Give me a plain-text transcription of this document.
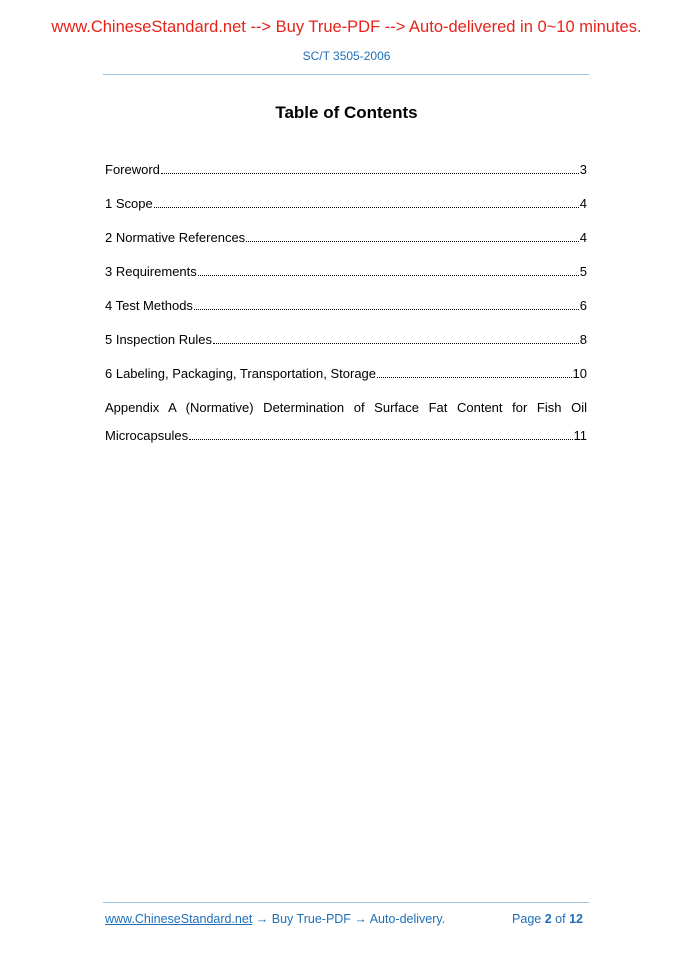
www.ChineseStandard.net --> Buy True-PDF --> Auto-delivered in 0~10 minutes.
SC/T 3505-2006
Table of Contents
Foreword	3
1 Scope	4
2 Normative References	4
3 Requirements	5
4 Test Methods	6
5 Inspection Rules	8
6 Labeling, Packaging, Transportation, Storage	10
Appendix A (Normative) Determination of Surface Fat Content for Fish Oil
Microcapsules	11
www.ChineseStandard.net → Buy True-PDF → Auto-delivery.	Page 2 of 12
